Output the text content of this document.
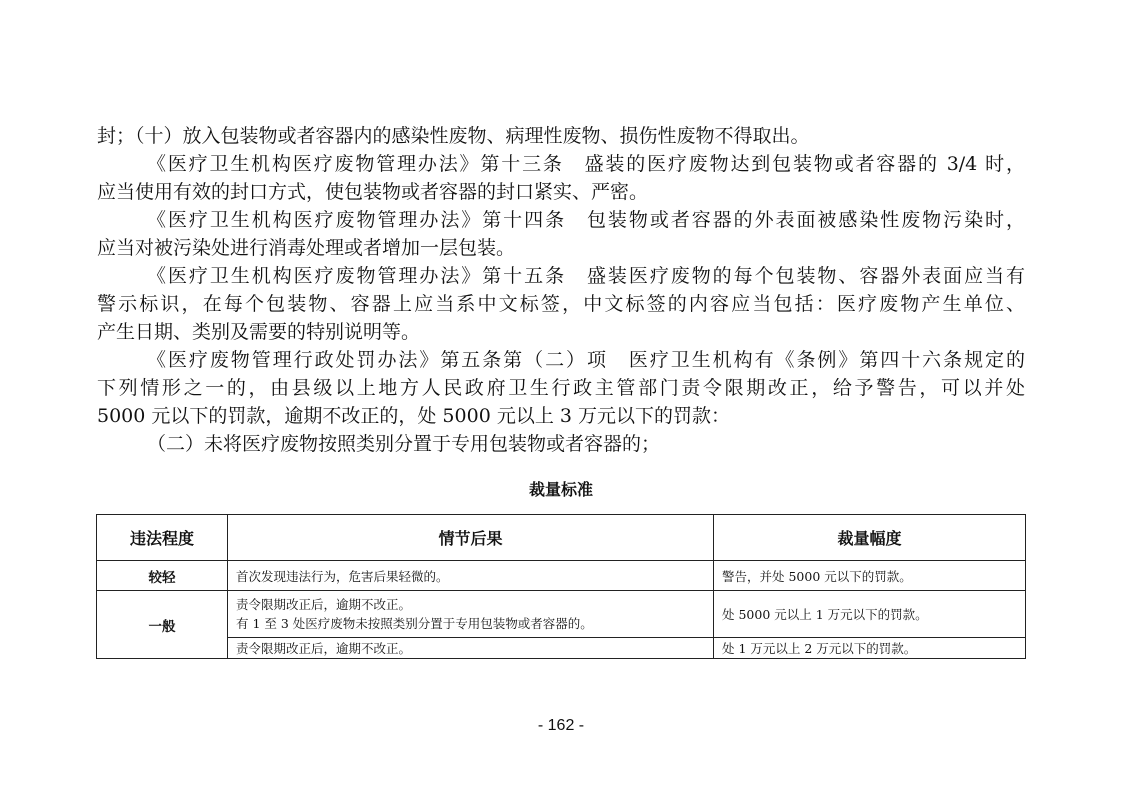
封；（十）放入包装物或者容器内的感染性废物、病理性废物、损伤性废物不得取出。
《医疗卫生机构医疗废物管理办法》第十三条　盛装的医疗废物达到包装物或者容器的 3/4 时，
应当使用有效的封口方式，使包装物或者容器的封口紧实、严密。
《医疗卫生机构医疗废物管理办法》第十四条　包装物或者容器的外表面被感染性废物污染时，
应当对被污染处进行消毒处理或者增加一层包装。
《医疗卫生机构医疗废物管理办法》第十五条　盛装医疗废物的每个包装物、容器外表面应当有
警示标识，在每个包装物、容器上应当系中文标签，中文标签的内容应当包括：医疗废物产生单位、
产生日期、类别及需要的特别说明等。
《医疗废物管理行政处罚办法》第五条第（二）项　医疗卫生机构有《条例》第四十六条规定的
下列情形之一的，由县级以上地方人民政府卫生行政主管部门责令限期改正，给予警告，可以并处
5000 元以下的罚款，逾期不改正的，处 5000 元以上 3 万元以下的罚款：
（二）未将医疗废物按照类别分置于专用包装物或者容器的；
裁量标准
违法程度	情节后果	裁量幅度
较轻	首次发现违法行为，危害后果轻微的。	警告，并处 5000 元以下的罚款。
一般	责令限期改正后，逾期不改正。
有 1 至 3 处医疗废物未按照类别分置于专用包装物或者容器的。	处 5000 元以上 1 万元以下的罚款。
	责令限期改正后，逾期不改正。	处 1 万元以上 2 万元以下的罚款。
- 162 -
